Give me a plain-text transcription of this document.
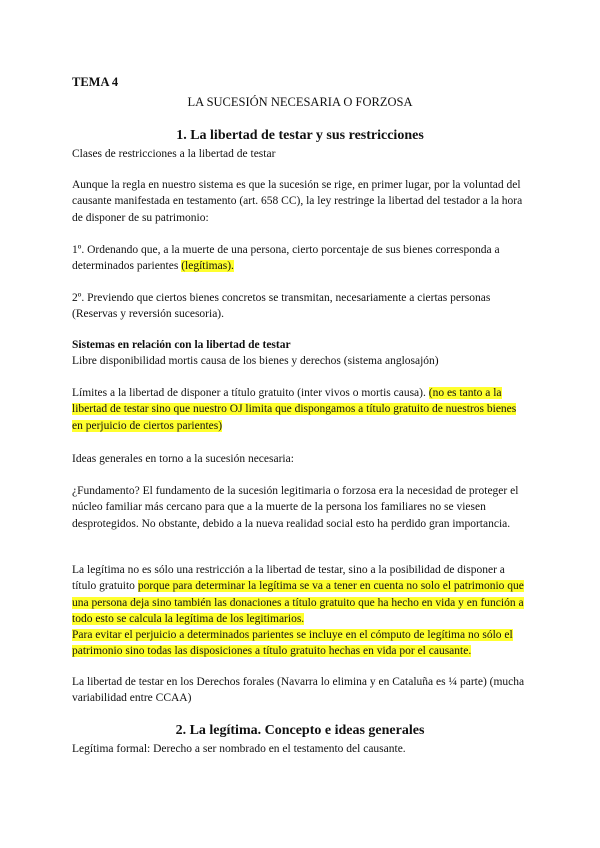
TEMA 4
LA SUCESIÓN NECESARIA O FORZOSA
1. La libertad de testar y sus restricciones
Clases de restricciones a la libertad de testar

Aunque la regla en nuestro sistema es que la sucesión se rige, en primer lugar, por la voluntad del causante manifestada en testamento (art. 658 CC), la ley restringe la libertad del testador a la hora de disponer de su patrimonio:

1º. Ordenando que, a la muerte de una persona, cierto porcentaje de sus bienes corresponda a determinados parientes (legítimas).

2º. Previendo que ciertos bienes concretos se transmitan, necesariamente a ciertas personas (Reservas y reversión sucesoria).

Sistemas en relación con la libertad de testar
Libre disponibilidad mortis causa de los bienes y derechos (sistema anglosajón)

Límites a la libertad de disponer a título gratuito (inter vivos o mortis causa). (no es tanto a la libertad de testar sino que nuestro OJ limita que dispongamos a título gratuito de nuestros bienes en perjuicio de ciertos parientes)

Ideas generales en torno a la sucesión necesaria:

¿Fundamento? El fundamento de la sucesión legitimaria o forzosa era la necesidad de proteger el núcleo familiar más cercano para que a la muerte de la persona los familiares no se viesen desprotegidos. No obstante, debido a la nueva realidad social esto ha perdido gran importancia.

La legítima no es sólo una restricción a la libertad de testar, sino a la posibilidad de disponer a título gratuito porque para determinar la legítima se va a tener en cuenta no solo el patrimonio que una persona deja sino también las donaciones a título gratuito que ha hecho en vida y en función a todo esto se calcula la legítima de los legitimarios.
Para evitar el perjuicio a determinados parientes se incluye en el cómputo de legítima no sólo el patrimonio sino todas las disposiciones a título gratuito hechas en vida por el causante.

La libertad de testar en los Derechos forales (Navarra lo elimina y en Cataluña es ¼ parte) (mucha variabilidad entre CCAA)

2. La legítima. Concepto e ideas generales
Legítima formal: Derecho a ser nombrado en el testamento del causante.
